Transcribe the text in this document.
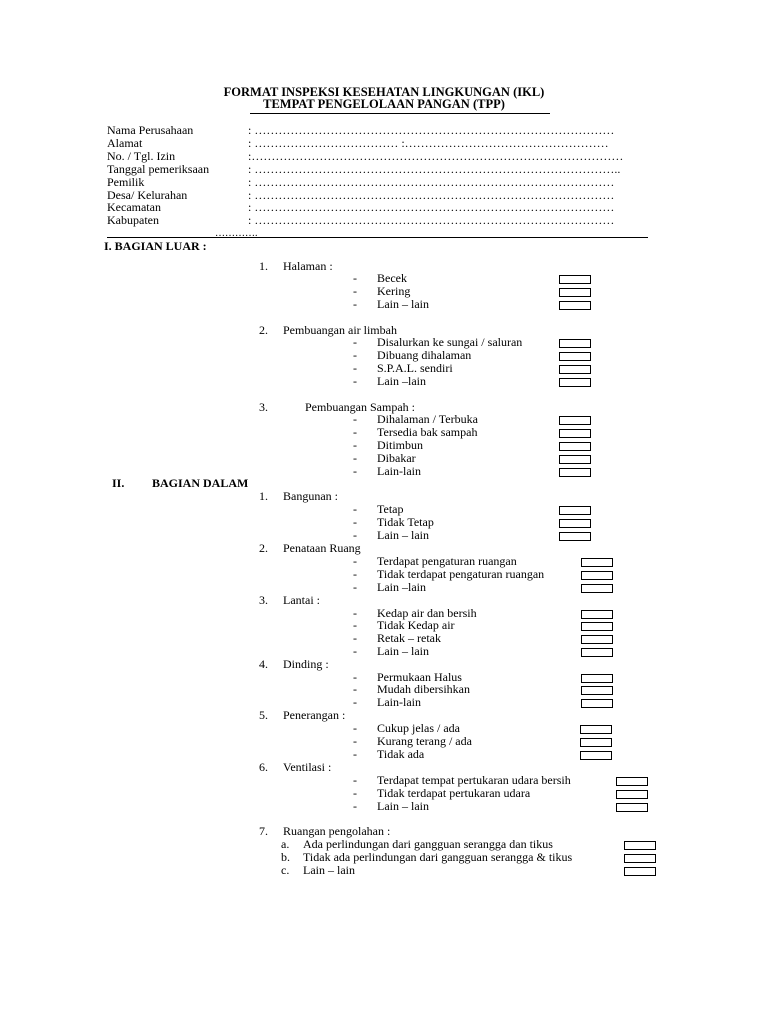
FORMAT INSPEKSI KESEHATAN LINGKUNGAN (IKL)
TEMPAT PENGELOLAAN PANGAN (TPP)
Nama Perusahaan	: ………………………………………………………………………………
Alamat	: ……………………………… :……………………………………………
No. / Tgl. Izin	:…………………………………………………………………………………
Tanggal pemeriksaan	: ………………………………………………………………………………..
Pemilik	: ………………………………………………………………………………
Desa/ Kelurahan	: ………………………………………………………………………………
Kecamatan	: ………………………………………………………………………………
Kabupaten	: ………………………………………………………………………………
………….
I. BAGIAN LUAR :
1. Halaman :
- Becek
- Kering
- Lain – lain
2. Pembuangan air limbah
- Disalurkan ke sungai / saluran
- Dibuang dihalaman
- S.P.A.L. sendiri
- Lain –lain
3.	Pembuangan Sampah :
- Dihalaman / Terbuka
- Tersedia bak sampah
- Ditimbun
- Dibakar
- Lain-lain
II. BAGIAN DALAM
1. Bangunan :
- Tetap
- Tidak Tetap
- Lain – lain
2. Penataan Ruang
- Terdapat pengaturan ruangan
- Tidak terdapat pengaturan ruangan
- Lain –lain
3. Lantai :
- Kedap air dan bersih
- Tidak Kedap air
- Retak – retak
- Lain – lain
4. Dinding :
- Permukaan Halus
- Mudah dibersihkan
- Lain-lain
5. Penerangan :
- Cukup jelas / ada
- Kurang terang / ada
- Tidak ada
6. Ventilasi :
- Terdapat tempat pertukaran udara bersih
- Tidak terdapat pertukaran udara
- Lain – lain
7. Ruangan pengolahan :
a. Ada perlindungan dari gangguan serangga dan tikus
b. Tidak ada perlindungan dari gangguan serangga & tikus
c. Lain – lain
